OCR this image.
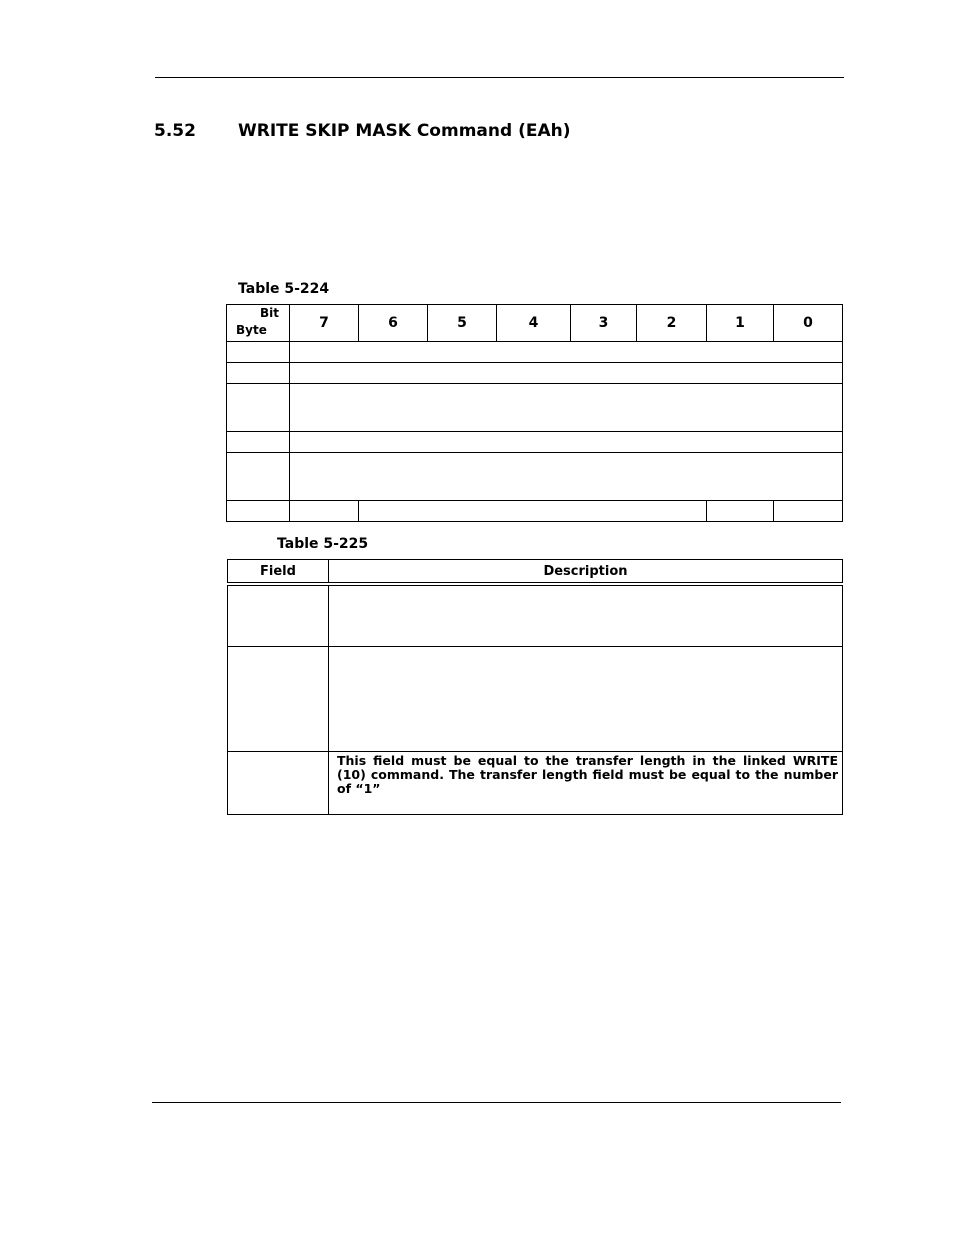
5.52 WRITE SKIP MASK Command (EAh)
Table 5-224
Bit
Byte	7	6	5	4	3	2	1	0

Table 5-225
Field	Description

	This field must be equal to the transfer length in the linked WRITE (10) command. The transfer length field must be equal to the number of “1”
